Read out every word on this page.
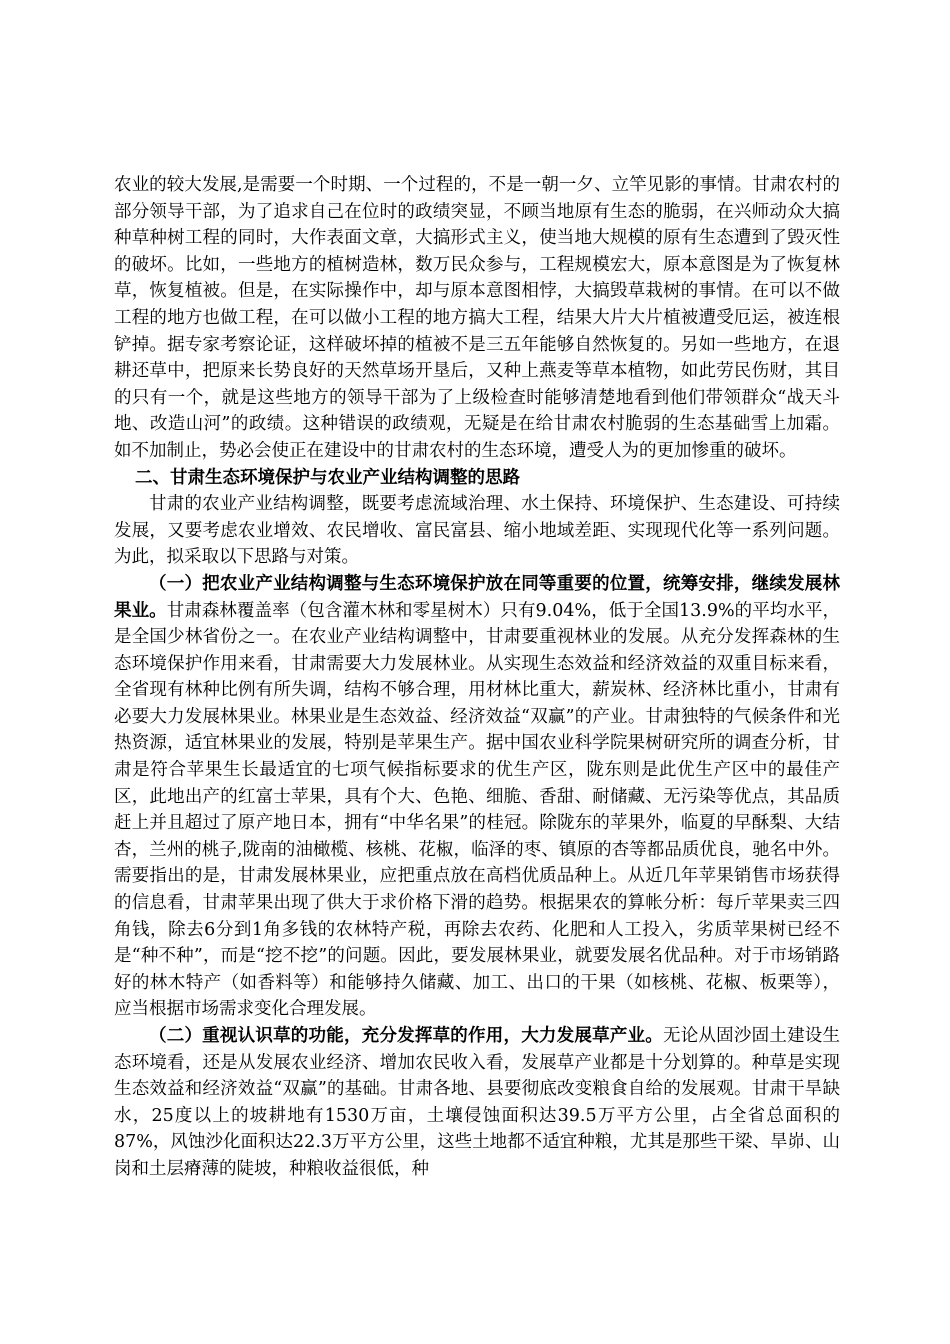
农业的较大发展,是需要一个时期、一个过程的，不是一朝一夕、立竿见影的事情。甘肃农村的部分领导干部，为了追求自己在位时的政绩突显，不顾当地原有生态的脆弱，在兴师动众大搞种草种树工程的同时，大作表面文章，大搞形式主义，使当地大规模的原有生态遭到了毁灭性的破坏。比如，一些地方的植树造林，数万民众参与，工程规模宏大，原本意图是为了恢复林草，恢复植被。但是，在实际操作中，却与原本意图相悖，大搞毁草栽树的事情。在可以不做工程的地方也做工程，在可以做小工程的地方搞大工程，结果大片大片植被遭受厄运，被连根铲掉。据专家考察论证，这样破坏掉的植被不是三五年能够自然恢复的。另如一些地方，在退耕还草中，把原来长势良好的天然草场开垦后，又种上燕麦等草本植物，如此劳民伤财，其目的只有一个，就是这些地方的领导干部为了上级检查时能够清楚地看到他们带领群众“战天斗地、改造山河”的政绩。这种错误的政绩观，无疑是在给甘肃农村脆弱的生态基础雪上加霜。如不加制止，势必会使正在建设中的甘肃农村的生态环境，遭受人为的更加惨重的破坏。

二、甘肃生态环境保护与农业产业结构调整的思路

甘肃的农业产业结构调整，既要考虑流域治理、水土保持、环境保护、生态建设、可持续发展，又要考虑农业增效、农民增收、富民富县、缩小地域差距、实现现代化等一系列问题。为此，拟采取以下思路与对策。

（一）把农业产业结构调整与生态环境保护放在同等重要的位置，统筹安排，继续发展林果业。甘肃森林覆盖率（包含灌木林和零星树木）只有9.04%，低于全国13.9%的平均水平，是全国少林省份之一。在农业产业结构调整中，甘肃要重视林业的发展。从充分发挥森林的生态环境保护作用来看，甘肃需要大力发展林业。从实现生态效益和经济效益的双重目标来看，全省现有林种比例有所失调，结构不够合理，用材林比重大，薪炭林、经济林比重小，甘肃有必要大力发展林果业。林果业是生态效益、经济效益“双赢”的产业。甘肃独特的气候条件和光热资源，适宜林果业的发展，特别是苹果生产。据中国农业科学院果树研究所的调查分析，甘肃是符合苹果生长最适宜的七项气候指标要求的优生产区，陇东则是此优生产区中的最佳产区，此地出产的红富士苹果，具有个大、色艳、细脆、香甜、耐储藏、无污染等优点，其品质赶上并且超过了原产地日本，拥有“中华名果”的桂冠。除陇东的苹果外，临夏的早酥梨、大结杏，兰州的桃子,陇南的油橄榄、核桃、花椒，临泽的枣、镇原的杏等都品质优良，驰名中外。需要指出的是，甘肃发展林果业，应把重点放在高档优质品种上。从近几年苹果销售市场获得的信息看，甘肃苹果出现了供大于求价格下滑的趋势。根据果农的算帐分析：每斤苹果卖三四角钱，除去6分到1角多钱的农林特产税，再除去农药、化肥和人工投入，劣质苹果树已经不是“种不种”，而是“挖不挖”的问题。因此，要发展林果业，就要发展名优品种。对于市场销路好的林木特产（如香料等）和能够持久储藏、加工、出口的干果（如核桃、花椒、板栗等），应当根据市场需求变化合理发展。

（二）重视认识草的功能，充分发挥草的作用，大力发展草产业。无论从固沙固土建设生态环境看，还是从发展农业经济、增加农民收入看，发展草产业都是十分划算的。种草是实现生态效益和经济效益“双赢”的基础。甘肃各地、县要彻底改变粮食自给的发展观。甘肃干旱缺水，25度以上的坡耕地有1530万亩，土壤侵蚀面积达39.5万平方公里，占全省总面积的87%，风蚀沙化面积达22.3万平方公里，这些土地都不适宜种粮，尤其是那些干梁、旱峁、山岗和土层瘠薄的陡坡，种粮收益很低，种
